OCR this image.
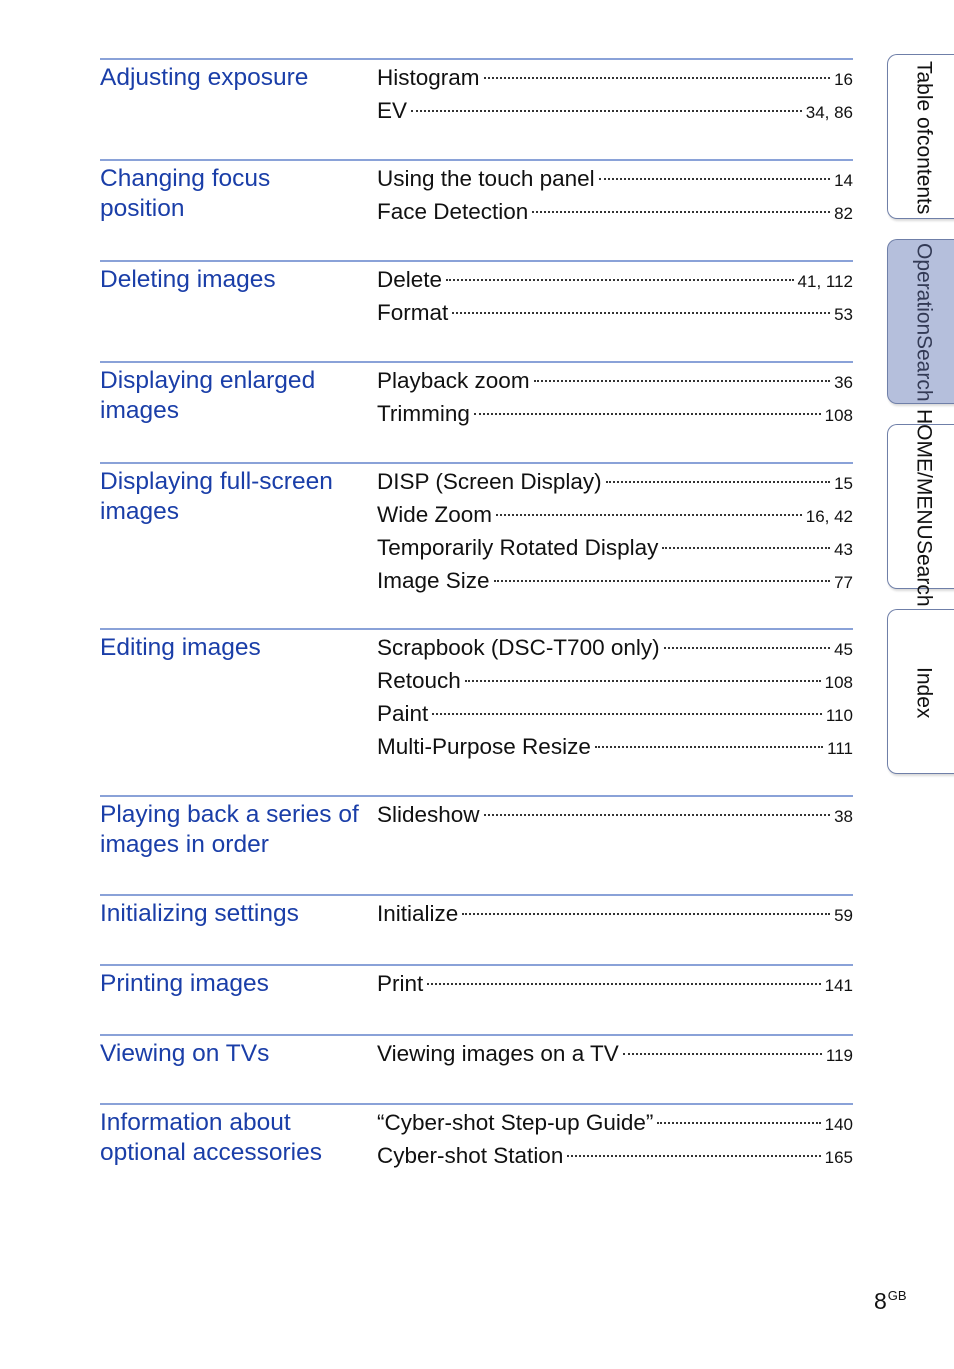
Adjusting exposure	Histogram	16
EV	34, 86
Changing focus
position
Using the touch panel	14
Face Detection	82
Deleting images	Delete	41, 112
Format	53
Displaying enlarged
images
Playback zoom	36
Trimming	108
Displaying full-screen
images
DISP (Screen Display)	15
Wide Zoom	16, 42
Temporarily Rotated Display	43
Image Size	77
Editing images	Scrapbook (DSC-T700 only)	45
Retouch	108
Paint	110
Multi-Purpose Resize	111
Playing back a series of
images in order
Slideshow	38
Initializing settings	Initialize	59
Printing images	Print	141
Viewing on TVs	Viewing images on a TV	119
Information about
optional accessories
“Cyber-shot Step-up Guide”	140
Cyber-shot Station	165
Table of
contents
Operation
Search
HOME/MENU
Search
Index
$8^{GB}$
